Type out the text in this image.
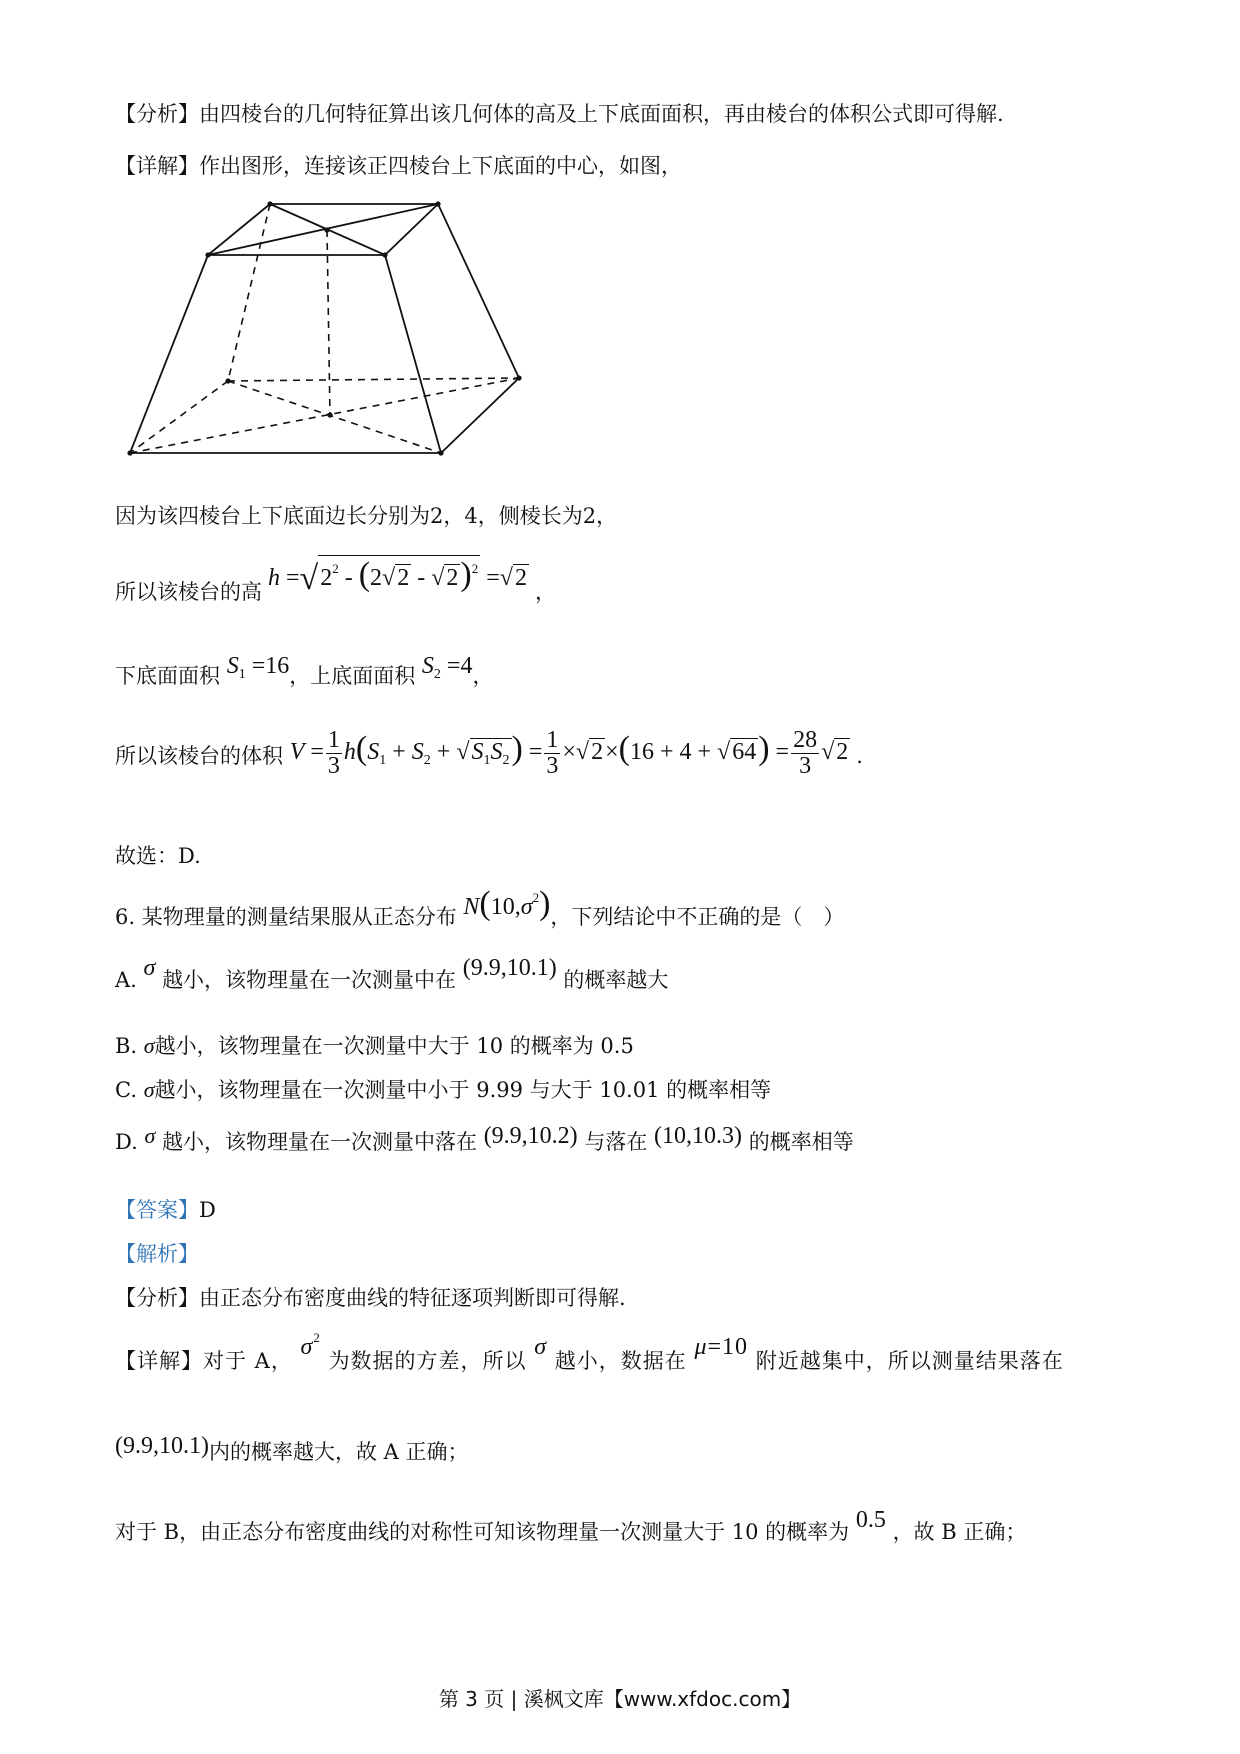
【分析】由四棱台的几何特征算出该几何体的高及上下底面面积，再由棱台的体积公式即可得解.
【详解】作出图形，连接该正四棱台上下底面的中心，如图，
因为该四棱台上下底面边长分别为2，4，侧棱长为2，
所以该棱台的高 $h =√2^2 - (2√2 - √2)^2 =√2$ ，
下底面面积 $S_1 =16$，上底面面积 $S_2 =4$，
所以该棱台的体积 $V = \frac{1}{3} h(S_1 + S_2 + √S_1S_2) = \frac{1}{3} \times√2\times(16 + 4 + √64) = \frac{28}{3} √2$ .
故选：D.
6. 某物理量的测量结果服从正态分布 $N(10,\sigma^2)$，下列结论中不正确的是（　）
A. σ 越小，该物理量在一次测量中在 (9.9,10.1) 的概率越大
B. σ越小，该物理量在一次测量中大于 10 的概率为 0.5
C. σ越小，该物理量在一次测量中小于 9.99 与大于 10.01 的概率相等
D. σ 越小，该物理量在一次测量中落在 (9.9,10.2) 与落在 (10,10.3) 的概率相等
【答案】D
【解析】
【分析】由正态分布密度曲线的特征逐项判断即可得解.
【详解】对于 A， $\sigma^2$ 为数据的方差，所以 σ 越小，数据在 μ=10 附近越集中，所以测量结果落在
(9.9,10.1)内的概率越大，故 A 正确；
对于 B，由正态分布密度曲线的对称性可知该物理量一次测量大于 10 的概率为 0.5 ，故 B 正确；
第 3 页 | 溪枫文库【www.xfdoc.com】
